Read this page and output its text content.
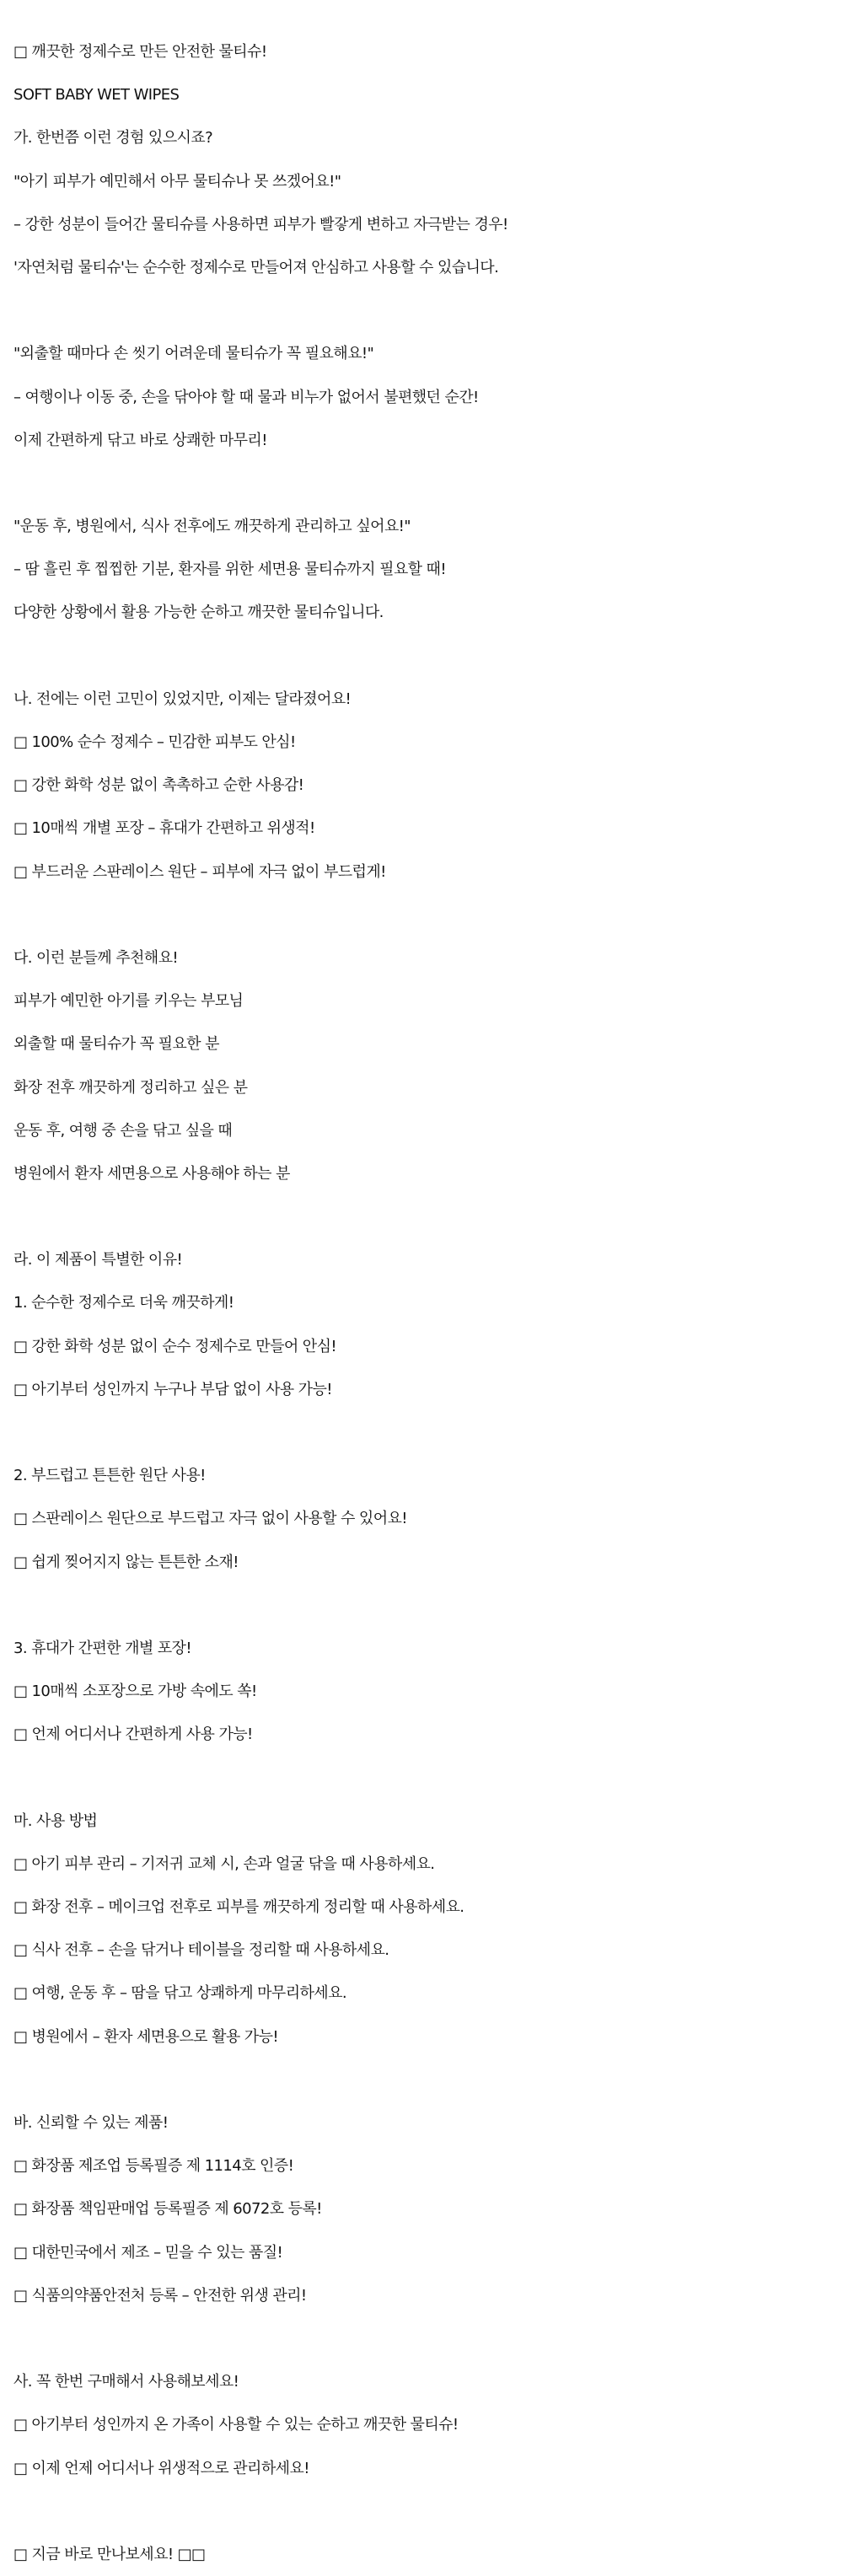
□ 깨끗한 정제수로 만든 안전한 물티슈!

SOFT BABY WET WIPES

가. 한번쯤 이런 경험 있으시죠?

"아기 피부가 예민해서 아무 물티슈나 못 쓰겠어요!"

– 강한 성분이 들어간 물티슈를 사용하면 피부가 빨갛게 변하고 자극받는 경우!

'자연처럼 물티슈'는 순수한 정제수로 만들어져 안심하고 사용할 수 있습니다.

"외출할 때마다 손 씻기 어려운데 물티슈가 꼭 필요해요!"

– 여행이나 이동 중, 손을 닦아야 할 때 물과 비누가 없어서 불편했던 순간!

이제 간편하게 닦고 바로 상쾌한 마무리!

"운동 후, 병원에서, 식사 전후에도 깨끗하게 관리하고 싶어요!"

– 땀 흘린 후 찝찝한 기분, 환자를 위한 세면용 물티슈까지 필요할 때!

다양한 상황에서 활용 가능한 순하고 깨끗한 물티슈입니다.

나. 전에는 이런 고민이 있었지만, 이제는 달라졌어요!

□ 100% 순수 정제수 – 민감한 피부도 안심!

□ 강한 화학 성분 없이 촉촉하고 순한 사용감!

□ 10매씩 개별 포장 – 휴대가 간편하고 위생적!

□ 부드러운 스판레이스 원단 – 피부에 자극 없이 부드럽게!

다. 이런 분들께 추천해요!

피부가 예민한 아기를 키우는 부모님

외출할 때 물티슈가 꼭 필요한 분

화장 전후 깨끗하게 정리하고 싶은 분

운동 후, 여행 중 손을 닦고 싶을 때

병원에서 환자 세면용으로 사용해야 하는 분

라. 이 제품이 특별한 이유!

1. 순수한 정제수로 더욱 깨끗하게!

□ 강한 화학 성분 없이 순수 정제수로 만들어 안심!

□ 아기부터 성인까지 누구나 부담 없이 사용 가능!

2. 부드럽고 튼튼한 원단 사용!

□ 스판레이스 원단으로 부드럽고 자극 없이 사용할 수 있어요!

□ 쉽게 찢어지지 않는 튼튼한 소재!

3. 휴대가 간편한 개별 포장!

□ 10매씩 소포장으로 가방 속에도 쏙!

□ 언제 어디서나 간편하게 사용 가능!

마. 사용 방법

□ 아기 피부 관리 – 기저귀 교체 시, 손과 얼굴 닦을 때 사용하세요.

□ 화장 전후 – 메이크업 전후로 피부를 깨끗하게 정리할 때 사용하세요.

□ 식사 전후 – 손을 닦거나 테이블을 정리할 때 사용하세요.

□ 여행, 운동 후 – 땀을 닦고 상쾌하게 마무리하세요.

□ 병원에서 – 환자 세면용으로 활용 가능!

바. 신뢰할 수 있는 제품!

□ 화장품 제조업 등록필증 제 1114호 인증!

□ 화장품 책임판매업 등록필증 제 6072호 등록!

□ 대한민국에서 제조 – 믿을 수 있는 품질!

□ 식품의약품안전처 등록 – 안전한 위생 관리!

사. 꼭 한번 구매해서 사용해보세요!

□ 아기부터 성인까지 온 가족이 사용할 수 있는 순하고 깨끗한 물티슈!

□ 이제 언제 어디서나 위생적으로 관리하세요!

□ 지금 바로 만나보세요! □□
